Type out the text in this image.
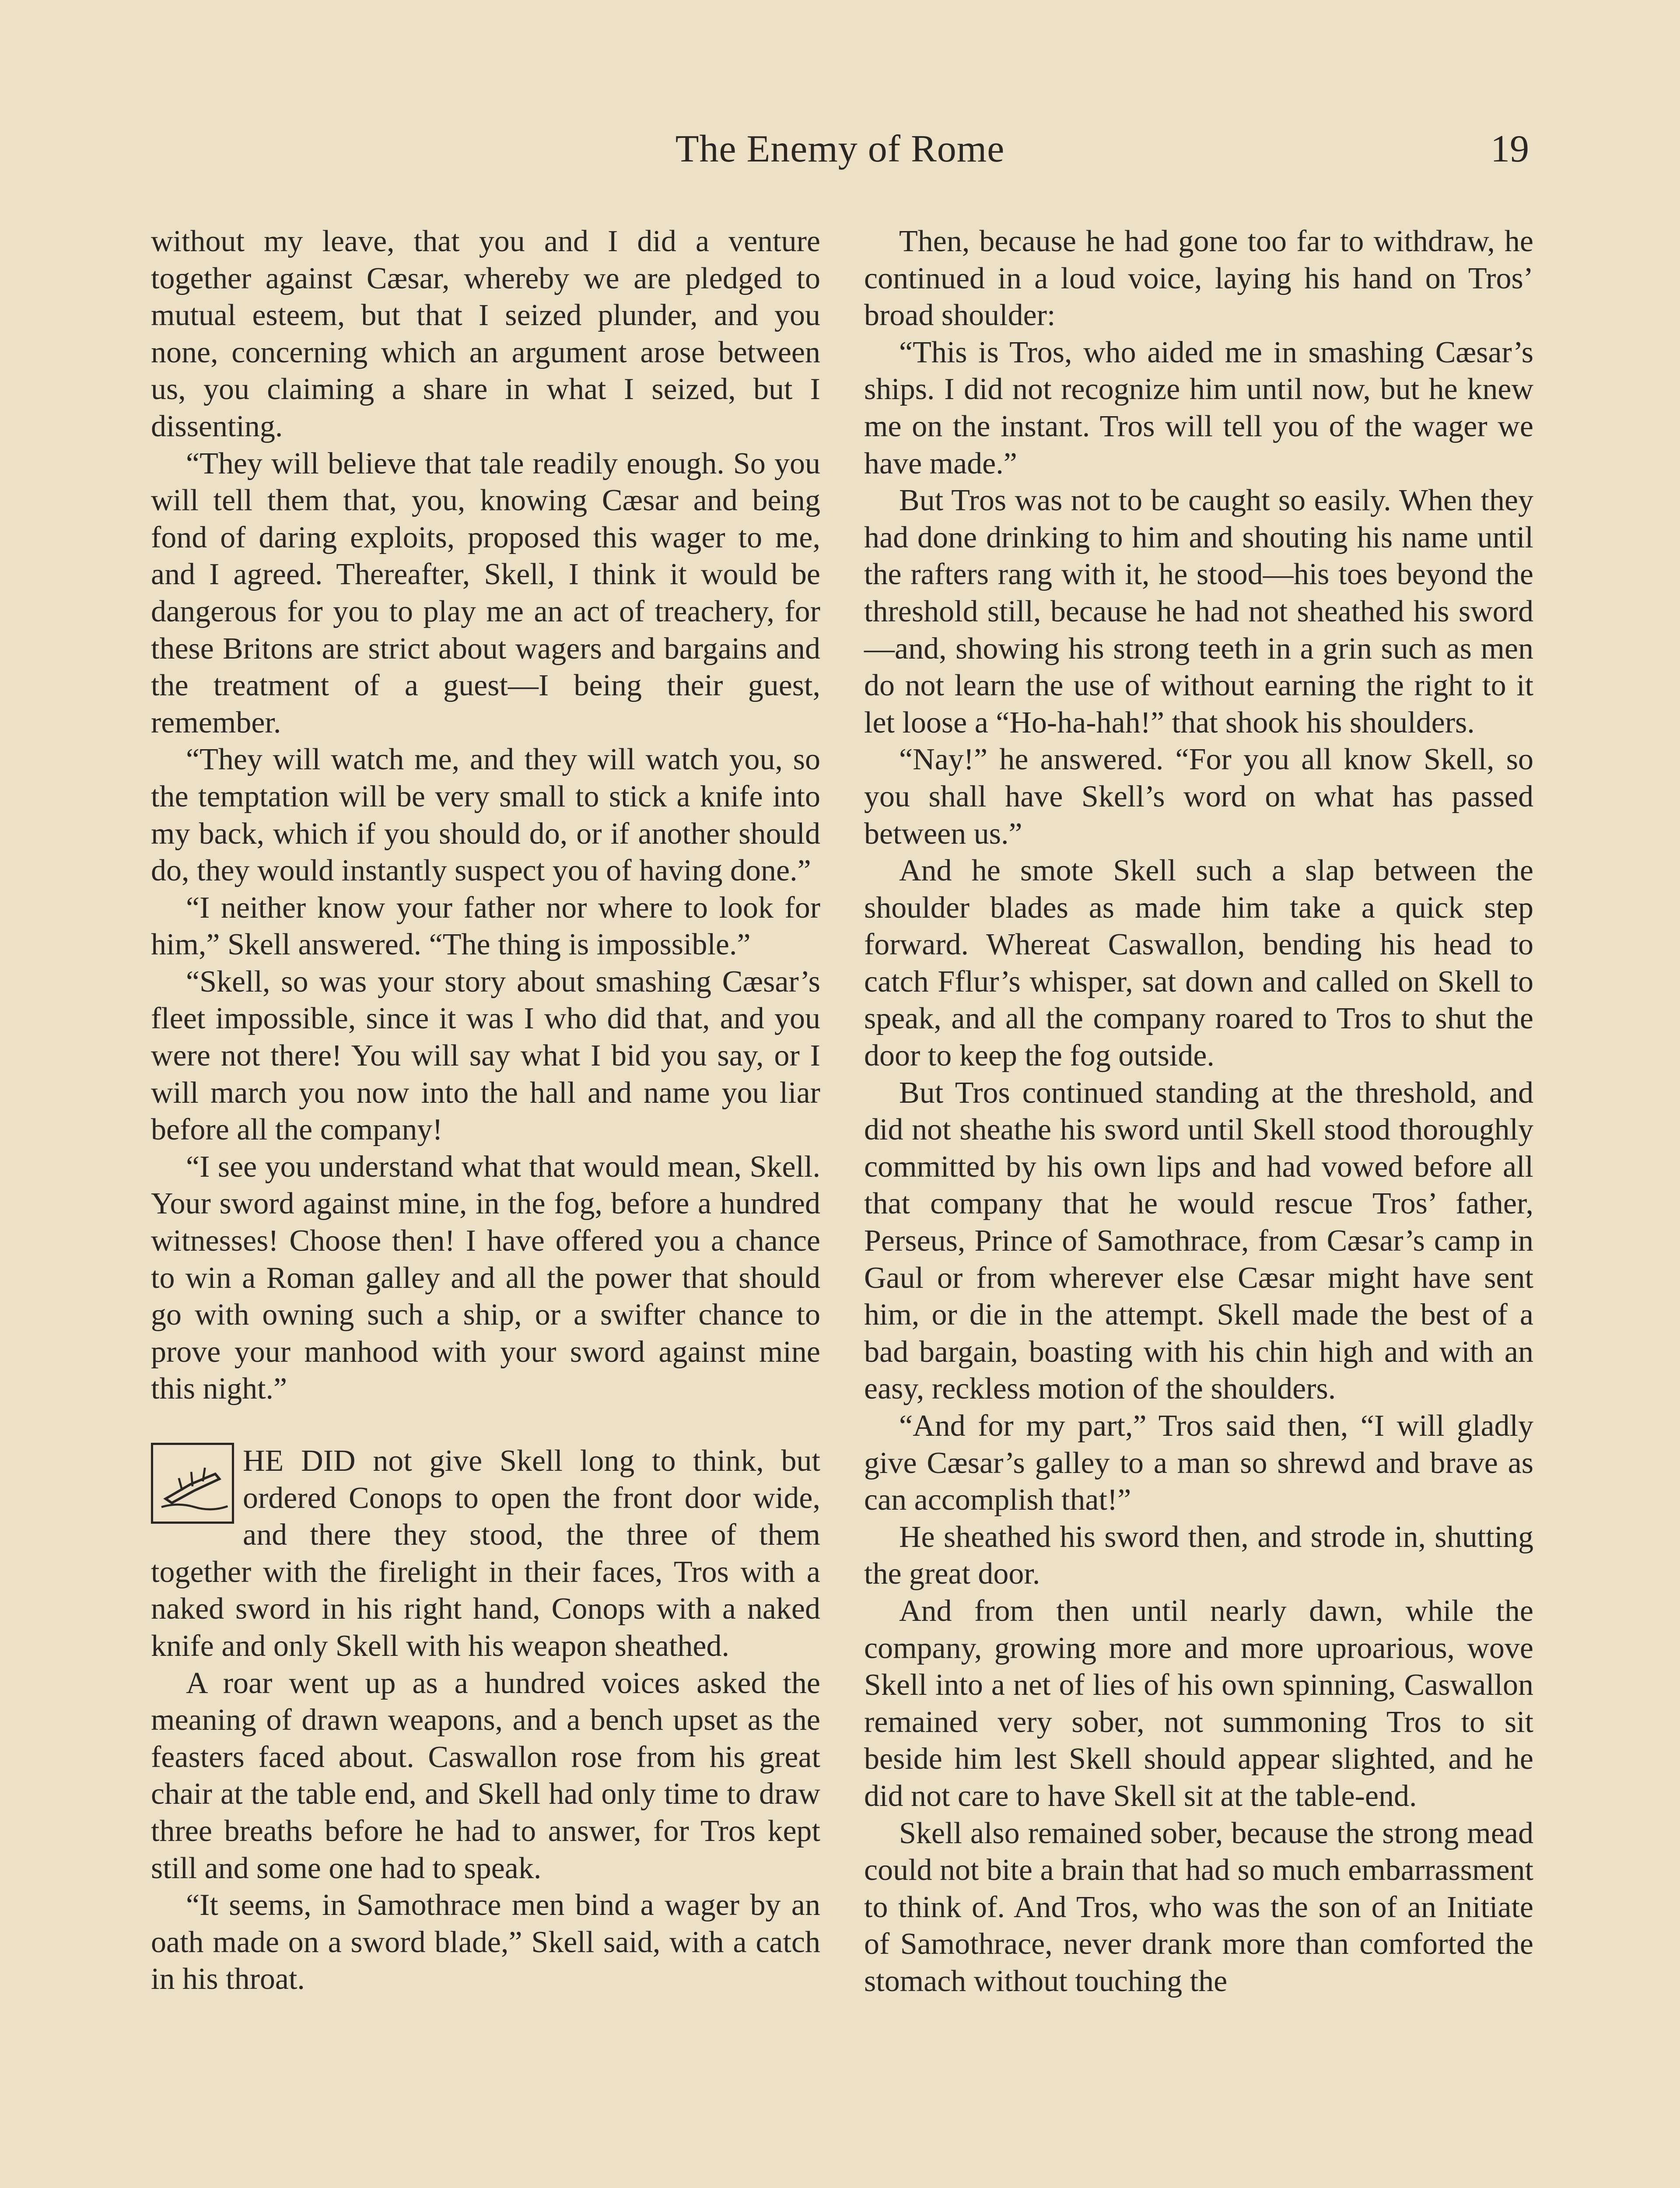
The Enemy of Rome	19

without my leave, that you and I did a venture together against Cæsar, whereby we are pledged to mutual esteem, but that I seized plunder, and you none, concerning which an argument arose between us, you claiming a share in what I seized, but I dissenting.

“They will believe that tale readily enough. So you will tell them that, you, knowing Cæsar and being fond of daring exploits, proposed this wager to me, and I agreed. Thereafter, Skell, I think it would be dangerous for you to play me an act of treachery, for these Britons are strict about wagers and bargains and the treatment of a guest—I being their guest, remember.

“They will watch me, and they will watch you, so the temptation will be very small to stick a knife into my back, which if you should do, or if another should do, they would instantly suspect you of having done.”

“I neither know your father nor where to look for him,” Skell answered. “The thing is impossible.”

“Skell, so was your story about smashing Cæsar’s fleet impossible, since it was I who did that, and you were not there! You will say what I bid you say, or I will march you now into the hall and name you liar before all the company!

“I see you understand what that would mean, Skell. Your sword against mine, in the fog, before a hundred witnesses! Choose then! I have offered you a chance to win a Roman galley and all the power that should go with owning such a ship, or a swifter chance to prove your manhood with your sword against mine this night.”

HE DID not give Skell long to think, but ordered Conops to open the front door wide, and there they stood, the three of them together with the firelight in their faces, Tros with a naked sword in his right hand, Conops with a naked knife and only Skell with his weapon sheathed.

A roar went up as a hundred voices asked the meaning of drawn weapons, and a bench upset as the feasters faced about. Caswallon rose from his great chair at the table end, and Skell had only time to draw three breaths before he had to answer, for Tros kept still and some one had to speak.

“It seems, in Samothrace men bind a wager by an oath made on a sword blade,” Skell said, with a catch in his throat.

Then, because he had gone too far to withdraw, he continued in a loud voice, laying his hand on Tros’ broad shoulder:

“This is Tros, who aided me in smashing Cæsar’s ships. I did not recognize him until now, but he knew me on the instant. Tros will tell you of the wager we have made.”

But Tros was not to be caught so easily. When they had done drinking to him and shouting his name until the rafters rang with it, he stood—his toes beyond the threshold still, because he had not sheathed his sword —and, showing his strong teeth in a grin such as men do not learn the use of without earning the right to it let loose a “Ho-ha-hah!” that shook his shoulders.

“Nay!” he answered. “For you all know Skell, so you shall have Skell’s word on what has passed between us.”

And he smote Skell such a slap between the shoulder blades as made him take a quick step forward. Whereat Caswallon, bending his head to catch Fflur’s whisper, sat down and called on Skell to speak, and all the company roared to Tros to shut the door to keep the fog outside.

But Tros continued standing at the threshold, and did not sheathe his sword until Skell stood thoroughly committed by his own lips and had vowed before all that company that he would rescue Tros’ father, Perseus, Prince of Samothrace, from Cæsar’s camp in Gaul or from wherever else Cæsar might have sent him, or die in the attempt. Skell made the best of a bad bargain, boasting with his chin high and with an easy, reckless motion of the shoulders.

“And for my part,” Tros said then, “I will gladly give Cæsar’s galley to a man so shrewd and brave as can accomplish that!”

He sheathed his sword then, and strode in, shutting the great door.

And from then until nearly dawn, while the company, growing more and more uproarious, wove Skell into a net of lies of his own spinning, Caswallon remained very sober, not summoning Tros to sit beside him lest Skell should appear slighted, and he did not care to have Skell sit at the table-end.

Skell also remained sober, because the strong mead could not bite a brain that had so much embarrassment to think of. And Tros, who was the son of an Initiate of Samothrace, never drank more than comforted the stomach without touching the
